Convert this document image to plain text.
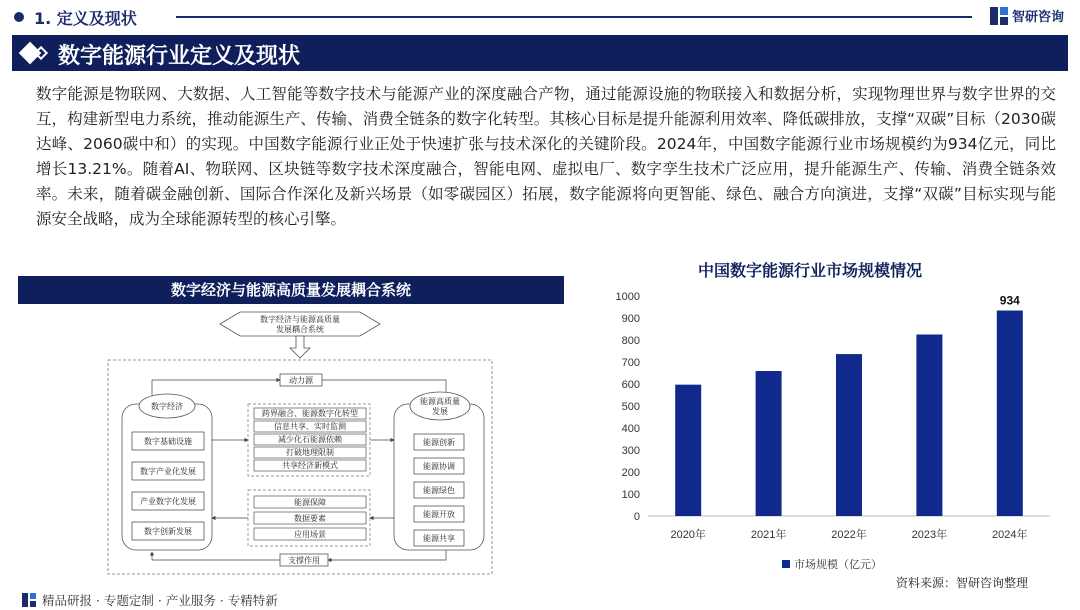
1. 定义及现状	智研咨询
数字能源行业定义及现状
数字能源是物联网、大数据、人工智能等数字技术与能源产业的深度融合产物，通过能源设施的物联接入和数据分析，实现物理世界与数字世界的交互，构建新型电力系统，推动能源生产、传输、消费全链条的数字化转型。其核心目标是提升能源利用效率、降低碳排放，支撑“双碳”目标（2030碳达峰、2060碳中和）的实现。中国数字能源行业正处于快速扩张与技术深化的关键阶段。2024年，中国数字能源行业市场规模约为934亿元，同比增长13.21%。随着AI、物联网、区块链等数字技术深度融合，智能电网、虚拟电厂、数字孪生技术广泛应用，提升能源生产、传输、消费全链条效率。未来，随着碳金融创新、国际合作深化及新兴场景（如零碳园区）拓展，数字能源将向更智能、绿色、融合方向演进，支撑“双碳”目标实现与能源安全战略，成为全球能源转型的核心引擎。
数字经济与能源高质量发展耦合系统
数字经济与能源高质量
发展耦合系统
动力源
数字经济
数字基础设施
数字产业化发展
产业数字化发展
数字创新发展
能源高质量
发展
能源创新
能源协调
能源绿色
能源开放
能源共享
跨界融合、能源数字化转型
信息共享、实时监测
减少化石能源依赖
打破地理限制
共享经济新模式
能源保障
数据要素
应用场景
支撑作用
中国数字能源行业市场规模情况
0
100
200
300
400
500
600
700
800
900
1000
2020年	2021年	2022年	2023年	2024年
934
市场规模（亿元）
资料来源：智研咨询整理
精品研报 · 专题定制 · 产业服务 · 专精特新
